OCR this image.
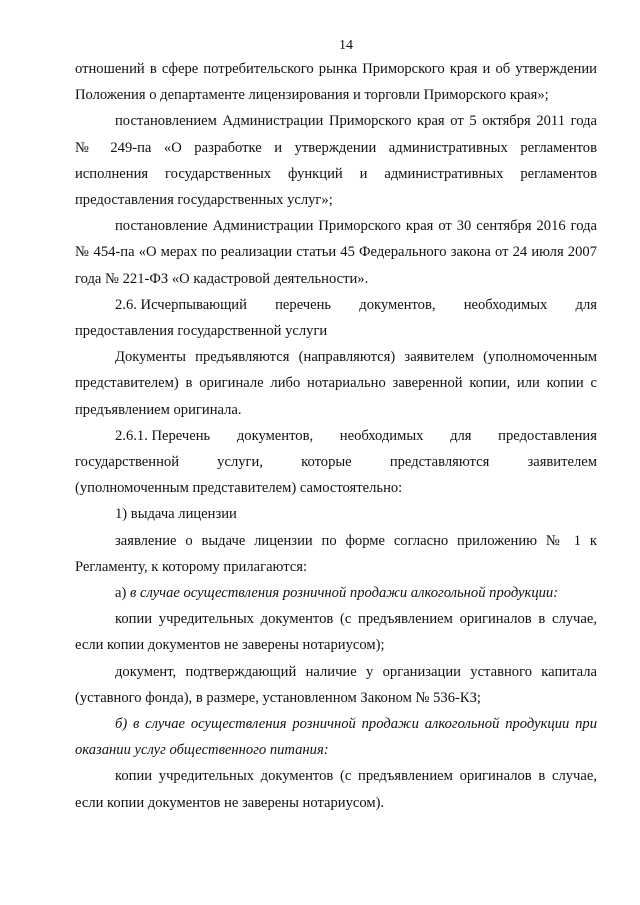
14

отношений в сфере потребительского рынка Приморского края и об утверждении Положения о департаменте лицензирования и торговли Приморского края»;

постановлением Администрации Приморского края от 5 октября 2011 года № 249-па «О разработке и утверждении административных регламентов исполнения государственных функций и административных регламентов предоставления государственных услуг»;

постановление Администрации Приморского края от 30 сентября 2016 года № 454-па «О мерах по реализации статьи 45 Федерального закона от 24 июля 2007 года № 221-ФЗ «О кадастровой деятельности».

2.6. Исчерпывающий перечень документов, необходимых для

предоставления государственной услуги

Документы предъявляются (направляются) заявителем (уполномоченным представителем) в оригинале либо нотариально заверенной копии, или копии с предъявлением оригинала.

2.6.1. Перечень документов, необходимых для предоставления
государственной	услуги,	которые	представляются	заявителем

(уполномоченным представителем) самостоятельно:

1) выдача лицензии

заявление о выдаче лицензии по форме согласно приложению № 1 к Регламенту, к которому прилагаются:

а) в случае осуществления розничной продажи алкогольной продукции:

копии учредительных документов (с предъявлением оригиналов в случае, если копии документов не заверены нотариусом);

документ, подтверждающий наличие у организации уставного капитала (уставного фонда), в размере, установленном Законом № 536-КЗ;

б) в случае осуществления розничной продажи алкогольной продукции при оказании услуг общественного питания:

копии учредительных документов (с предъявлением оригиналов в случае, если копии документов не заверены нотариусом).
